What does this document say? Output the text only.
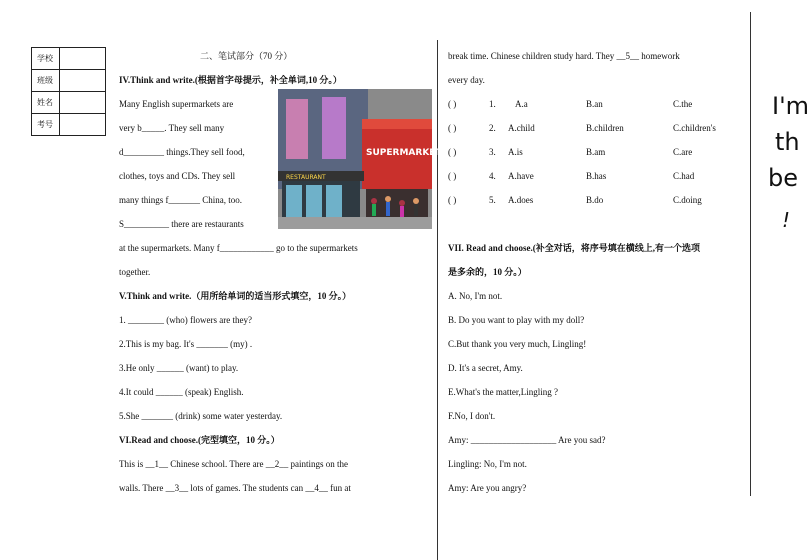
学校	
班级	
姓名	
考号	
二、笔试部分（70 分）
IV.Think and write.(根据首字母提示，补全单词,10 分。）
Many English supermarkets are
very b_____. They sell many
d_________ things.They sell food,
clothes, toys and CDs. They sell
many things f_______ China, too.
S__________ there are restaurants
at the supermarkets. Many f____________ go to the supermarkets
together.
RESTAURANT
SUPERMARKET
V.Think and write.（用所给单词的适当形式填空，10 分。）
1. ________ (who) flowers are they?
2.This is my bag. It's _______ (my) .
3.He only ______ (want) to play.
4.It could ______ (speak) English.
5.She _______ (drink) some water yesterday.
VI.Read and choose.(完型填空，10 分。）
This is __1__ Chinese school. There are __2__ paintings on the
walls. There __3__ lots of games. The students can __4__ fun at
break time. Chinese children study hard. They __5__ homework
every day.
( )	1. A.a	B.an	C.the
( )	2. A.child	B.children	C.children's
( )	3. A.is	B.am	C.are
( )	4. A.have	B.has	C.had
( )	5. A.does	B.do	C.doing
VII. Read and choose.(补全对话，将序号填在横线上,有一个选项
是多余的，10 分。）
A. No, I'm not.
B. Do you want to play with my doll?
C.But thank you very much, Lingling!
D. It's a secret, Amy.
E.What's the matter,Lingling ?
F.No, I don't.
Amy: ___________________ Are you sad?
Lingling: No, I'm not.
Amy: Are you angry?
I'm
th
be
!
